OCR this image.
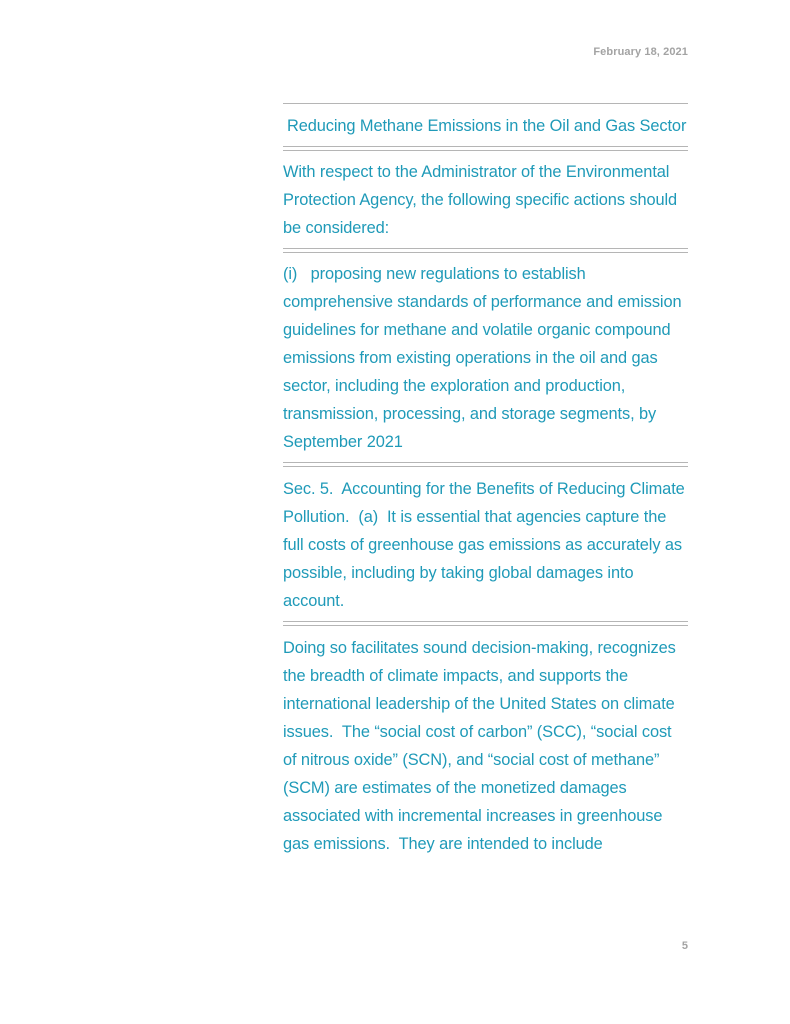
February 18, 2021

Reducing Methane Emissions in the Oil and Gas Sector

With respect to the Administrator of the Environmental Protection Agency, the following specific actions should be considered:

(i)   proposing new regulations to establish comprehensive standards of performance and emission guidelines for methane and volatile organic compound emissions from existing operations in the oil and gas sector, including the exploration and production, transmission, processing, and storage segments, by September 2021

Sec. 5.  Accounting for the Benefits of Reducing Climate Pollution.  (a)  It is essential that agencies capture the full costs of greenhouse gas emissions as accurately as possible, including by taking global damages into account.

Doing so facilitates sound decision-making, recognizes the breadth of climate impacts, and supports the international leadership of the United States on climate issues.  The “social cost of carbon” (SCC), “social cost of nitrous oxide” (SCN), and “social cost of methane” (SCM) are estimates of the monetized damages associated with incremental increases in greenhouse gas emissions.  They are intended to include

5
